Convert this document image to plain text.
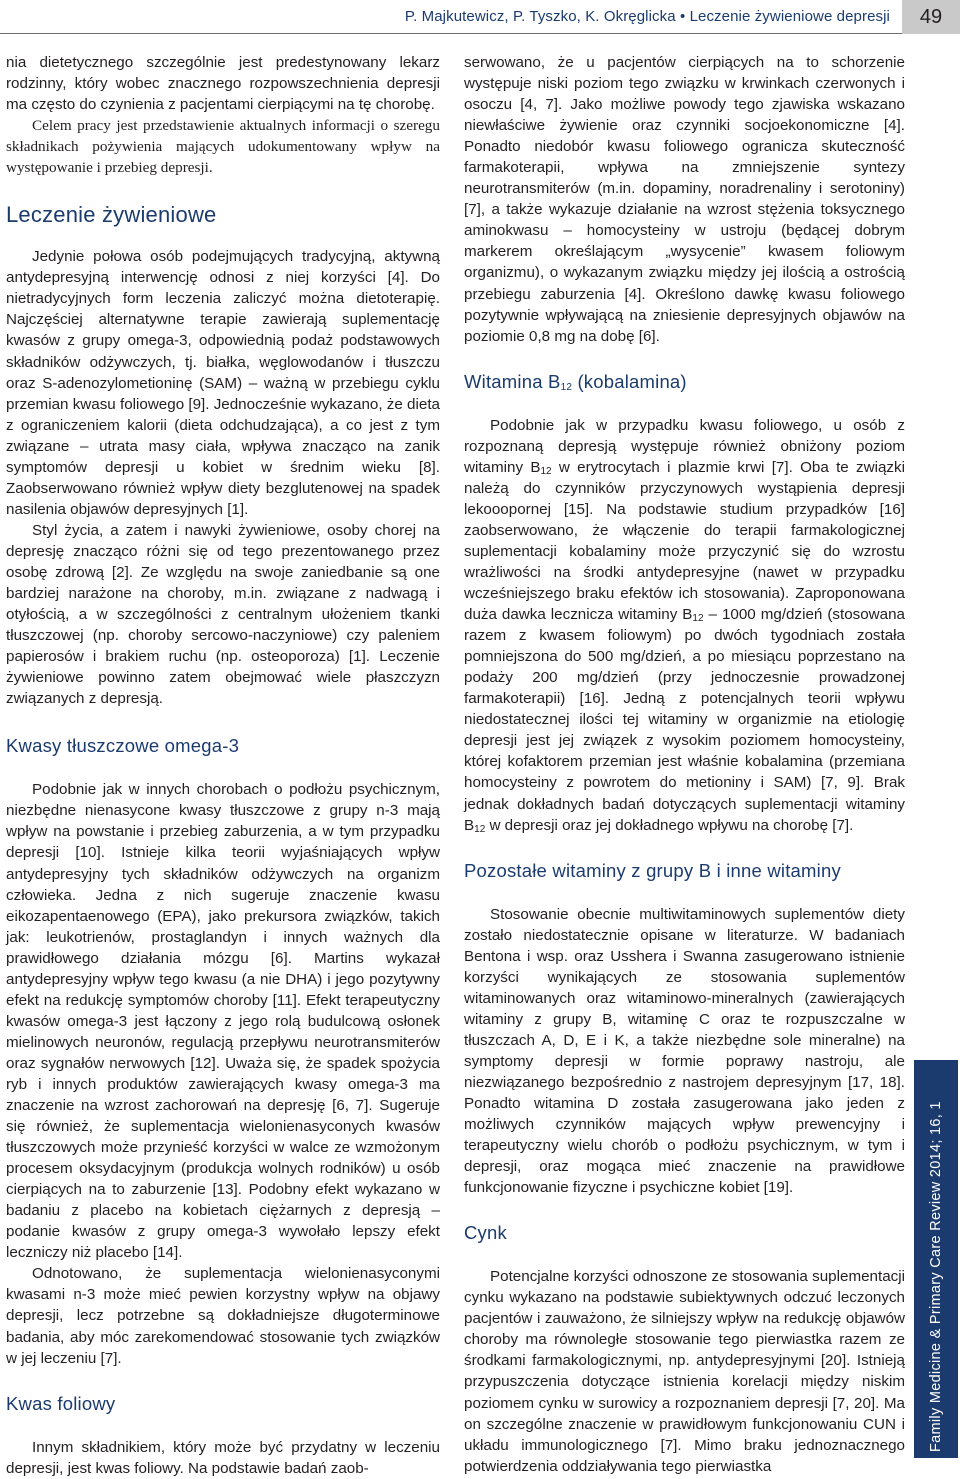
P. Majkutewicz, P. Tyszko, K. Okręglicka • Leczenie żywieniowe depresji	49

nia dietetycznego szczególnie jest predestynowany lekarz rodzinny, który wobec znacznego rozpowszechnienia depresji ma często do czynienia z pacjentami cierpiącymi na tę chorobę.

Celem pracy jest przedstawienie aktualnych informacji o szeregu składnikach pożywienia mających udokumentowany wpływ na występowanie i przebieg depresji.

Leczenie żywieniowe

Jedynie połowa osób podejmujących tradycyjną, aktywną antydepresyjną interwencję odnosi z niej korzyści [4]. Do nietradycyjnych form leczenia zaliczyć można dietoterapię. Najczęściej alternatywne terapie zawierają suplementację kwasów z grupy omega-3, odpowiednią podaż podstawowych składników odżywczych, tj. białka, węglowodanów i tłuszczu oraz S-adenozylometioninę (SAM) – ważną w przebiegu cyklu przemian kwasu foliowego [9]. Jednocześnie wykazano, że dieta z ograniczeniem kalorii (dieta odchudzająca), a co jest z tym związane – utrata masy ciała, wpływa znacząco na zanik symptomów depresji u kobiet w średnim wieku [8]. Zaobserwowano również wpływ diety bezglutenowej na spadek nasilenia objawów depresyjnych [1].

Styl życia, a zatem i nawyki żywieniowe, osoby chorej na depresję znacząco różni się od tego prezentowanego przez osobę zdrową [2]. Ze względu na swoje zaniedbanie są one bardziej narażone na choroby, m.in. związane z nadwagą i otyłością, a w szczególności z centralnym ułożeniem tkanki tłuszczowej (np. choroby sercowo-naczyniowe) czy paleniem papierosów i brakiem ruchu (np. osteoporoza) [1]. Leczenie żywieniowe powinno zatem obejmować wiele płaszczyzn związanych z depresją.

Kwasy tłuszczowe omega-3

Podobnie jak w innych chorobach o podłożu psychicznym, niezbędne nienasycone kwasy tłuszczowe z grupy n-3 mają wpływ na powstanie i przebieg zaburzenia, a w tym przypadku depresji [10]. Istnieje kilka teorii wyjaśniających wpływ antydepresyjny tych składników odżywczych na organizm człowieka. Jedna z nich sugeruje znaczenie kwasu eikozapentaenowego (EPA), jako prekursora związków, takich jak: leukotrienów, prostaglandyn i innych ważnych dla prawidłowego działania mózgu [6]. Martins wykazał antydepresyjny wpływ tego kwasu (a nie DHA) i jego pozytywny efekt na redukcję symptomów choroby [11]. Efekt terapeutyczny kwasów omega-3 jest łączony z jego rolą budulcową osłonek mielinowych neuronów, regulacją przepływu neurotransmiterów oraz sygnałów nerwowych [12]. Uważa się, że spadek spożycia ryb i innych produktów zawierających kwasy omega-3 ma znaczenie na wzrost zachorowań na depresję [6, 7]. Sugeruje się również, że suplementacja wielonienasyconych kwasów tłuszczowych może przynieść korzyści w walce ze wzmożonym procesem oksydacyjnym (produkcja wolnych rodników) u osób cierpiących na to zaburzenie [13]. Podobny efekt wykazano w badaniu z placebo na kobietach ciężarnych z depresją – podanie kwasów z grupy omega-3 wywołało lepszy efekt leczniczy niż placebo [14].

Odnotowano, że suplementacja wielonienasyconymi kwasami n-3 może mieć pewien korzystny wpływ na objawy depresji, lecz potrzebne są dokładniejsze długoterminowe badania, aby móc zarekomendować stosowanie tych związków w jej leczeniu [7].

Kwas foliowy

Innym składnikiem, który może być przydatny w leczeniu depresji, jest kwas foliowy. Na podstawie badań zaob-

serwowano, że u pacjentów cierpiących na to schorzenie występuje niski poziom tego związku w krwinkach czerwonych i osoczu [4, 7]. Jako możliwe powody tego zjawiska wskazano niewłaściwe żywienie oraz czynniki socjoekonomiczne [4]. Ponadto niedobór kwasu foliowego ogranicza skuteczność farmakoterapii, wpływa na zmniejszenie syntezy neurotransmiterów (m.in. dopaminy, noradrenaliny i serotoniny) [7], a także wykazuje działanie na wzrost stężenia toksycznego aminokwasu – homocysteiny w ustroju (będącej dobrym markerem określającym „wysycenie” kwasem foliowym organizmu), o wykazanym związku między jej ilością a ostrością przebiegu zaburzenia [4]. Określono dawkę kwasu foliowego pozytywnie wpływającą na zniesienie depresyjnych objawów na poziomie 0,8 mg na dobę [6].

Witamina $B_{12}$ (kobalamina)

Podobnie jak w przypadku kwasu foliowego, u osób z rozpoznaną depresją występuje również obniżony poziom witaminy $B_{12}$ w erytrocytach i plazmie krwi [7]. Oba te związki należą do czynników przyczynowych wystąpienia depresji lekooopornej [15]. Na podstawie studium przypadków [16] zaobserwowano, że włączenie do terapii farmakologicznej suplementacji kobalaminy może przyczynić się do wzrostu wrażliwości na środki antydepresyjne (nawet w przypadku wcześniejszego braku efektów ich stosowania). Zaproponowana duża dawka lecznicza witaminy $B_{12} - 1000$ mg/dzień (stosowana razem z kwasem foliowym) po dwóch tygodniach została pomniejszona do 500 mg/dzień, a po miesiącu poprzestano na podaży 200 mg/dzień (przy jednoczesnie prowadzonej farmakoterapii) [16]. Jedną z potencjalnych teorii wpływu niedostatecznej ilości tej witaminy w organizmie na etiologię depresji jest jej związek z wysokim poziomem homocysteiny, której kofaktorem przemian jest właśnie kobalamina (przemiana homocysteiny z powrotem do metioniny i SAM) [7, 9]. Brak jednak dokładnych badań dotyczących suplementacji witaminy $B_{12}$ w depresji oraz jej dokładnego wpływu na chorobę [7].

Pozostałe witaminy z grupy B i inne witaminy

Stosowanie obecnie multiwitaminowych suplementów diety zostało niedostatecznie opisane w literaturze. W badaniach Bentona i wsp. oraz Usshera i Swanna zasugerowano istnienie korzyści wynikających ze stosowania suplementów witaminowanych oraz witaminowo-mineralnych (zawierających witaminy z grupy B, witaminę C oraz te rozpuszczalne w tłuszczach A, D, E i K, a także niezbędne sole mineralne) na symptomy depresji w formie poprawy nastroju, ale niezwiązanego bezpośrednio z nastrojem depresyjnym [17, 18]. Ponadto witamina D została zasugerowana jako jeden z możliwych czynników mających wpływ prewencyjny i terapeutyczny wielu chorób o podłożu psychicznym, w tym i depresji, oraz mogąca mieć znaczenie na prawidłowe funkcjonowanie fizyczne i psychiczne kobiet [19].

Cynk

Potencjalne korzyści odnoszone ze stosowania suplementacji cynku wykazano na podstawie subiektywnych odczuć leczonych pacjentów i zauważono, że silniejszy wpływ na redukcję objawów choroby ma równoległe stosowanie tego pierwiastka razem ze środkami farmakologicznymi, np. antydepresyjnymi [20]. Istnieją przypuszczenia dotyczące istnienia korelacji między niskim poziomem cynku w surowicy a rozpoznaniem depresji [7, 20]. Ma on szczególne znaczenie w prawidłowym funkcjonowaniu CUN i układu immunologicznego [7]. Mimo braku jednoznacznego potwierdzenia oddziaływania tego pierwiastka

Family Medicine & Primary Care Review 2014; 16, 1
